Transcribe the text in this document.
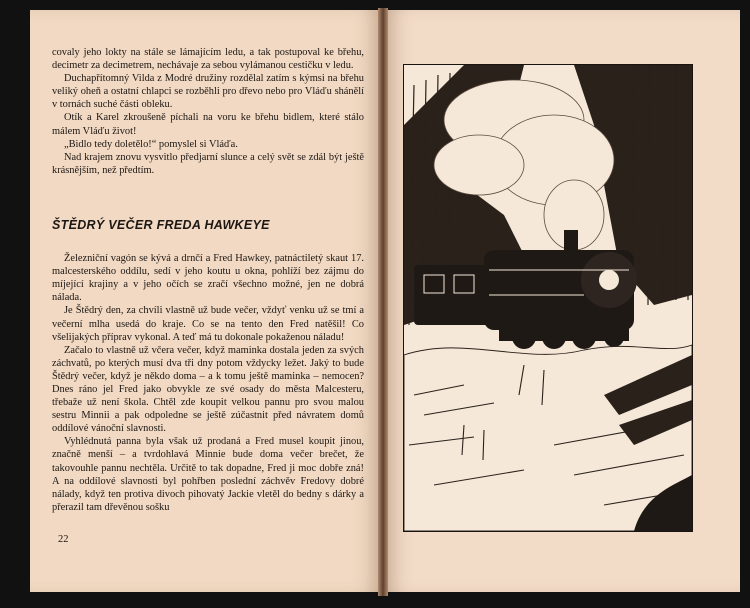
covaly jeho lokty na stále se lámajícím ledu, a tak postupoval ke břehu, decimetr za decimetrem, nechávaje za sebou vylámanou cestičku v ledu.

Duchapřítomný Vilda z Modré družiny rozdělal zatím s kýmsi na břehu veliký oheň a ostatní chlapci se rozběhli pro dřevo nebo pro Vláďu shánělí v tornách suché části obleku.

Otík a Karel zkroušeně píchali na voru ke břehu bidlem, které stálo málem Vláďu život!

„Bidlo tedy doletělo!“ pomyslel si Vláďa.

Nad krajem znovu vysvitlo předjarní slunce a celý svět se zdál být ještě krásnějším, než předtím.

ŠTĚDRÝ VEČER FREDA HAWKEYE

Železniční vagón se kývá a drnčí a Fred Hawkey, patnáctiletý skaut 17. malcesterského oddílu, sedí v jeho koutu u okna, pohlíží bez zájmu do míjející krajiny a v jeho očích se zračí všechno možné, jen ne dobrá nálada.

Je Štědrý den, za chvíli vlastně už bude večer, vždyť venku už se tmí a večerní mlha usedá do kraje. Co se na tento den Fred natěšil! Co všelijakých příprav vykonal. A teď má tu dokonale pokaženou náladu!

Začalo to vlastně už včera večer, když maminka dostala jeden za svých záchvatů, po kterých musí dva tři dny potom vždycky ležet. Jaký to bude Štědrý večer, když je někdo doma – a k tomu ještě maminka – nemocen? Dnes ráno jel Fred jako obvykle ze své osady do města Malcesteru, třebaže už není škola. Chtěl zde koupit velkou pannu pro svou malou sestru Minnii a pak odpoledne se ještě zúčastnit před návratem domů oddílové vánoční slavnosti.

Vyhlédnutá panna byla však už prodaná a Fred musel koupit jinou, značně menší – a tvrdohlavá Minnie bude doma večer brečet, že takovouhle pannu nechtěla. Určitě to tak dopadne, Fred ji moc dobře zná! A na oddílové slavnosti byl pohřben poslední záchvěv Fredovy dobré nálady, když ten protiva divoch pihovatý Jackie vletěl do bedny s dárky a přerazil tam dřevěnou sošku

22
